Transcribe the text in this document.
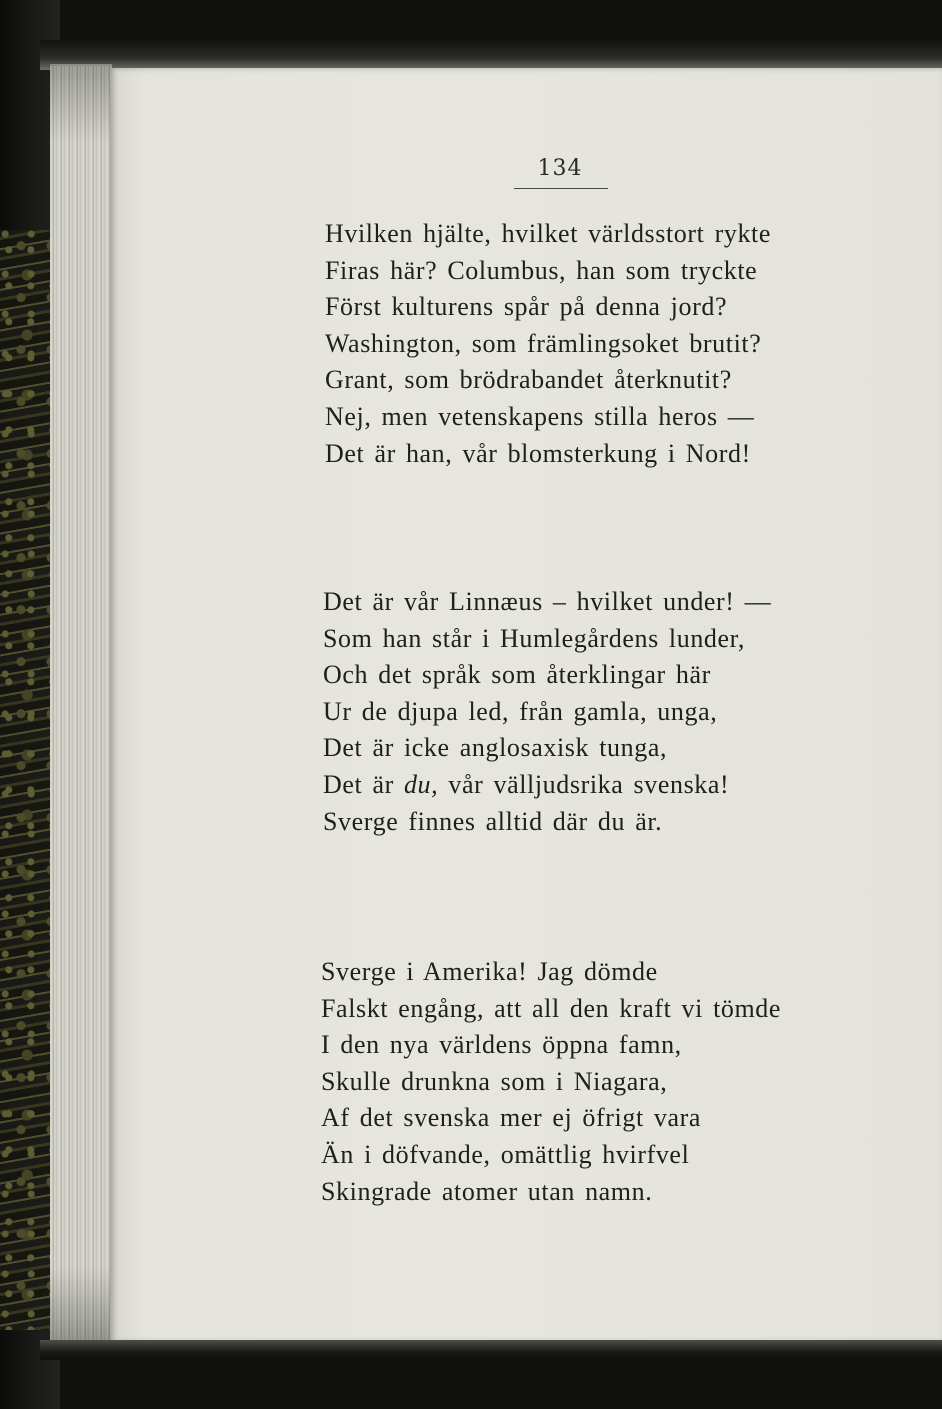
134
Hvilken hjälte, hvilket världsstort rykte
Firas här? Columbus, han som tryckte
Först kulturens spår på denna jord?
Washington, som främlingsoket brutit?
Grant, som brödrabandet återknutit?
Nej, men vetenskapens stilla heros —
Det är han, vår blomsterkung i Nord!
Det är vår Linnæus – hvilket under! —
Som han står i Humlegårdens lunder,
Och det språk som återklingar här
Ur de djupa led, från gamla, unga,
Det är icke anglosaxisk tunga,
Det är du, vår välljudsrika svenska!
Sverge finnes alltid där du är.
Sverge i Amerika! Jag dömde
Falskt engång, att all den kraft vi tömde
I den nya världens öppna famn,
Skulle drunkna som i Niagara,
Af det svenska mer ej öfrigt vara
Än i döfvande, omättlig hvirfvel
Skingrade atomer utan namn.
